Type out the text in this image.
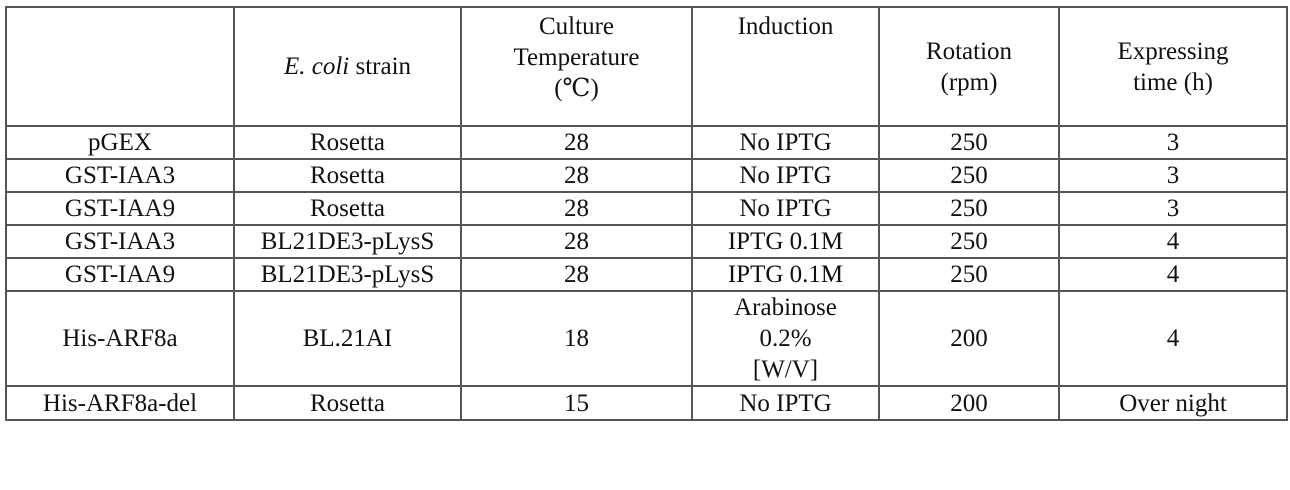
	E. coli strain	Culture
Temperature
(℃)	Induction	Rotation
(rpm)	Expressing
time (h)

pGEX	Rosetta	28	No IPTG	250	3
GST-IAA3	Rosetta	28	No IPTG	250	3
GST-IAA9	Rosetta	28	No IPTG	250	3
GST-IAA3	BL21DE3-pLysS	28	IPTG 0.1M	250	4
GST-IAA9	BL21DE3-pLysS	28	IPTG 0.1M	250	4
His-ARF8a	BL.21AI	18	Arabinose
0.2%
[W/V]	200	4
His-ARF8a-del	Rosetta	15	No IPTG	200	Over night
